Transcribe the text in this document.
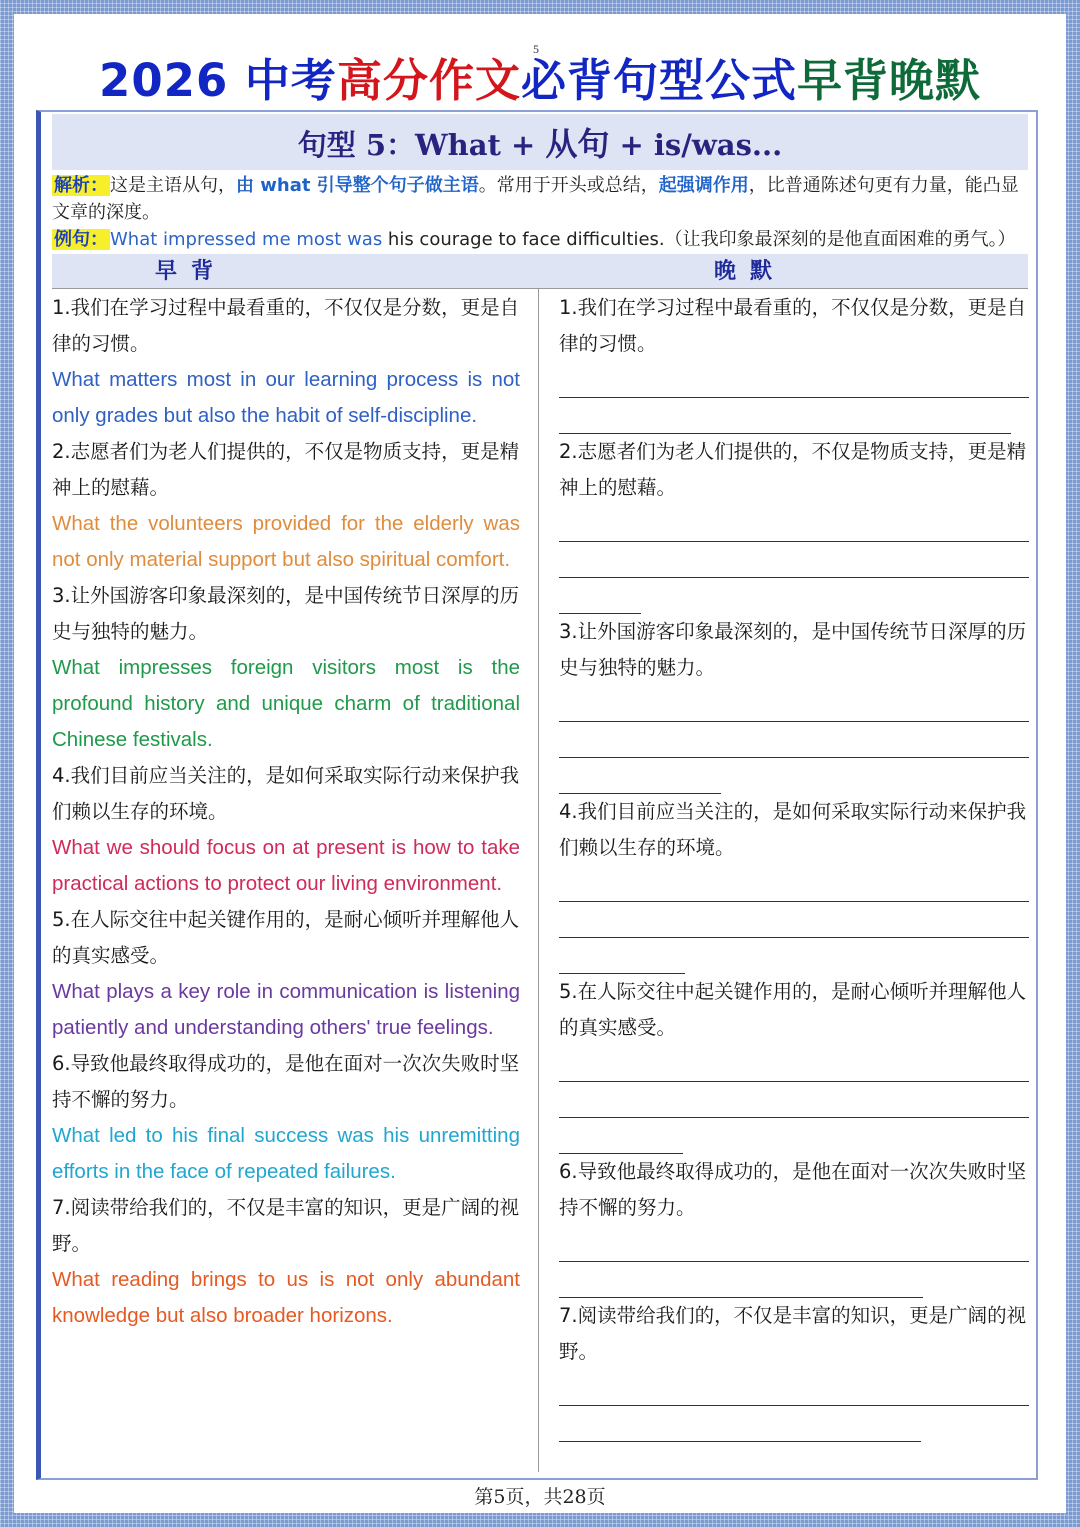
5
2026 中考高分作文必背句型公式早背晚默
句型 5：What + 从句 + is/was...
解析： 这是主语从句，由 what 引导整个句子做主语。常用于开头或总结，起强调作用，比普通陈述句更有力量，能凸显文章的深度。
例句： What impressed me most was his courage to face difficulties.（让我印象最深刻的是他直面困难的勇气。）
早背	晚默
1.我们在学习过程中最看重的，不仅仅是分数，更是自律的习惯。
What matters most in our learning process is not only grades but also the habit of self-discipline.
2.志愿者们为老人们提供的，不仅是物质支持，更是精神上的慰藉。
What the volunteers provided for the elderly was not only material support but also spiritual comfort.
3.让外国游客印象最深刻的，是中国传统节日深厚的历史与独特的魅力。
What impresses foreign visitors most is the profound history and unique charm of traditional Chinese festivals.
4.我们目前应当关注的，是如何采取实际行动来保护我们赖以生存的环境。
What we should focus on at present is how to take practical actions to protect our living environment.
5.在人际交往中起关键作用的，是耐心倾听并理解他人的真实感受。
What plays a key role in communication is listening patiently and understanding others' true feelings.
6.导致他最终取得成功的，是他在面对一次次失败时坚持不懈的努力。
What led to his final success was his unremitting efforts in the face of repeated failures.
7.阅读带给我们的，不仅是丰富的知识，更是广阔的视野。
What reading brings to us is not only abundant knowledge but also broader horizons.
1.我们在学习过程中最看重的，不仅仅是分数，更是自律的习惯。
2.志愿者们为老人们提供的，不仅是物质支持，更是精神上的慰藉。
3.让外国游客印象最深刻的，是中国传统节日深厚的历史与独特的魅力。
4.我们目前应当关注的，是如何采取实际行动来保护我们赖以生存的环境。
5.在人际交往中起关键作用的，是耐心倾听并理解他人的真实感受。
6.导致他最终取得成功的，是他在面对一次次失败时坚持不懈的努力。
7.阅读带给我们的，不仅是丰富的知识，更是广阔的视野。
第5页，共28页
